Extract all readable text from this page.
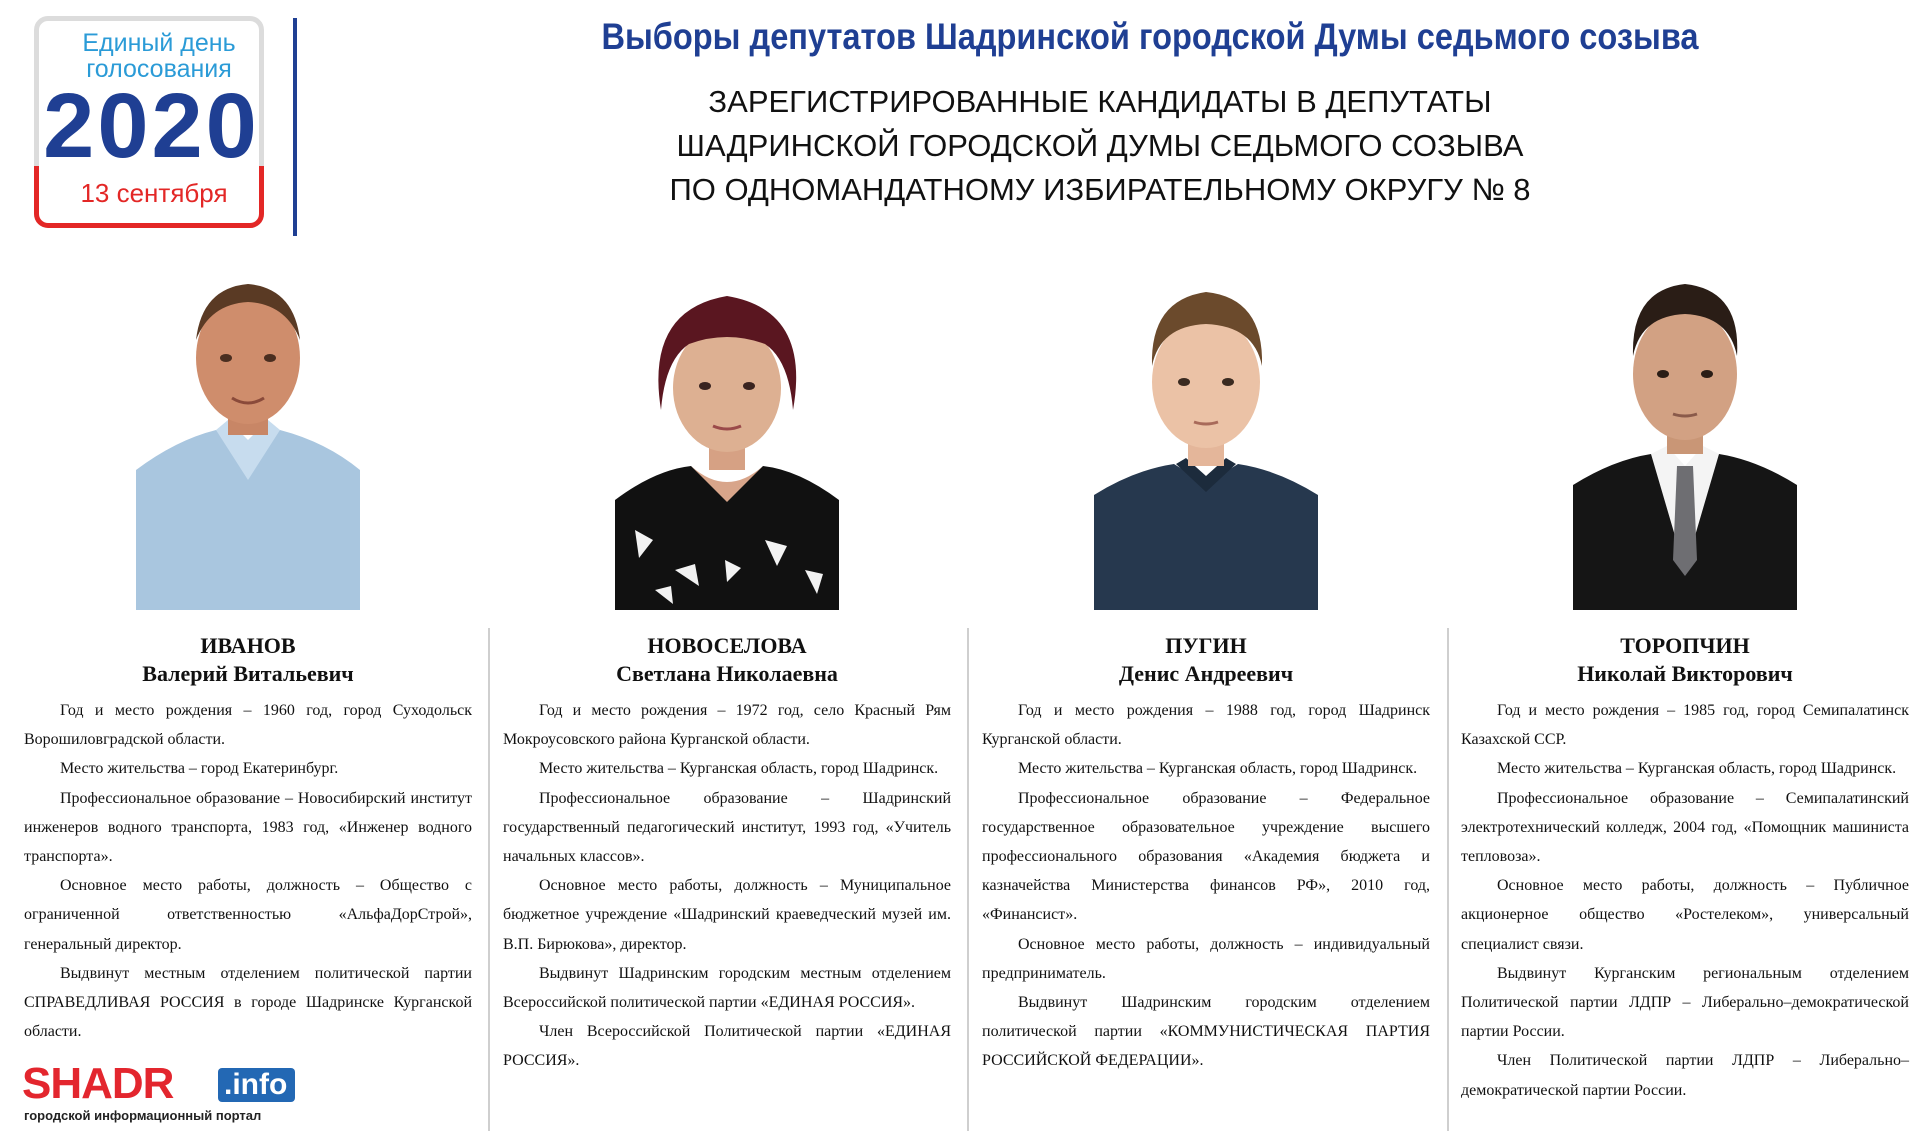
Единый день
голосования
2020
13 сентября
Выборы депутатов Шадринской городской Думы седьмого созыва
ЗАРЕГИСТРИРОВАННЫЕ КАНДИДАТЫ В ДЕПУТАТЫ
ШАДРИНСКОЙ ГОРОДСКОЙ ДУМЫ СЕДЬМОГО СОЗЫВА
ПО ОДНОМАНДАТНОМУ ИЗБИРАТЕЛЬНОМУ ОКРУГУ № 8
ИВАНОВ
Валерий Витальевич

Год и место рождения – 1960 год, город Суходольск Ворошиловградской области.

Место жительства – город Екатеринбург.

Профессиональное образование – Новосибирский институт инженеров водного транспорта, 1983 год, «Инженер водного транспорта».

Основное место работы, должность – Общество с ограниченной ответственностью «АльфаДорСтрой», генеральный директор.

Выдвинут местным отделением политической партии СПРАВЕДЛИВАЯ РОССИЯ в городе Шадринске Курганской области.

НОВОСЕЛОВА
Светлана Николаевна

Год и место рождения – 1972 год, село Красный Рям Мокроусовского района Курганской области.

Место жительства – Курганская область, город Шадринск.

Профессиональное образование – Шадринский государственный педагогический институт, 1993 год, «Учитель начальных классов».

Основное место работы, должность – Муниципальное бюджетное учреждение «Шадринский краеведческий музей им. В.П. Бирюкова», директор.

Выдвинут Шадринским городским местным отделением Всероссийской политической партии «ЕДИНАЯ РОССИЯ».

Член Всероссийской Политической партии «ЕДИНАЯ РОССИЯ».

ПУГИН
Денис Андреевич

Год и место рождения – 1988 год, город Шадринск Курганской области.

Место жительства – Курганская область, город Шадринск.

Профессиональное образование – Федеральное государственное образовательное учреждение высшего профессионального образования «Академия бюджета и казначейства Министерства финансов РФ», 2010 год, «Финансист».

Основное место работы, должность – индивидуальный предприниматель.

Выдвинут Шадринским городским отделением политической партии «КОММУНИСТИЧЕСКАЯ ПАРТИЯ РОССИЙСКОЙ ФЕДЕРАЦИИ».

ТОРОПЧИН
Николай Викторович

Год и место рождения – 1985 год, город Семипалатинск Казахской ССР.

Место жительства – Курганская область, город Шадринск.

Профессиональное образование – Семипалатинский электротехнический колледж, 2004 год, «Помощник машиниста тепловоза».

Основное место работы, должность – Публичное акционерное общество «Ростелеком», универсальный специалист связи.

Выдвинут Курганским региональным отделением Политической партии ЛДПР – Либерально–демократической партии России.

Член Политической партии ЛДПР – Либерально–демократической партии России.

SHADR .info
городской информационный портал
